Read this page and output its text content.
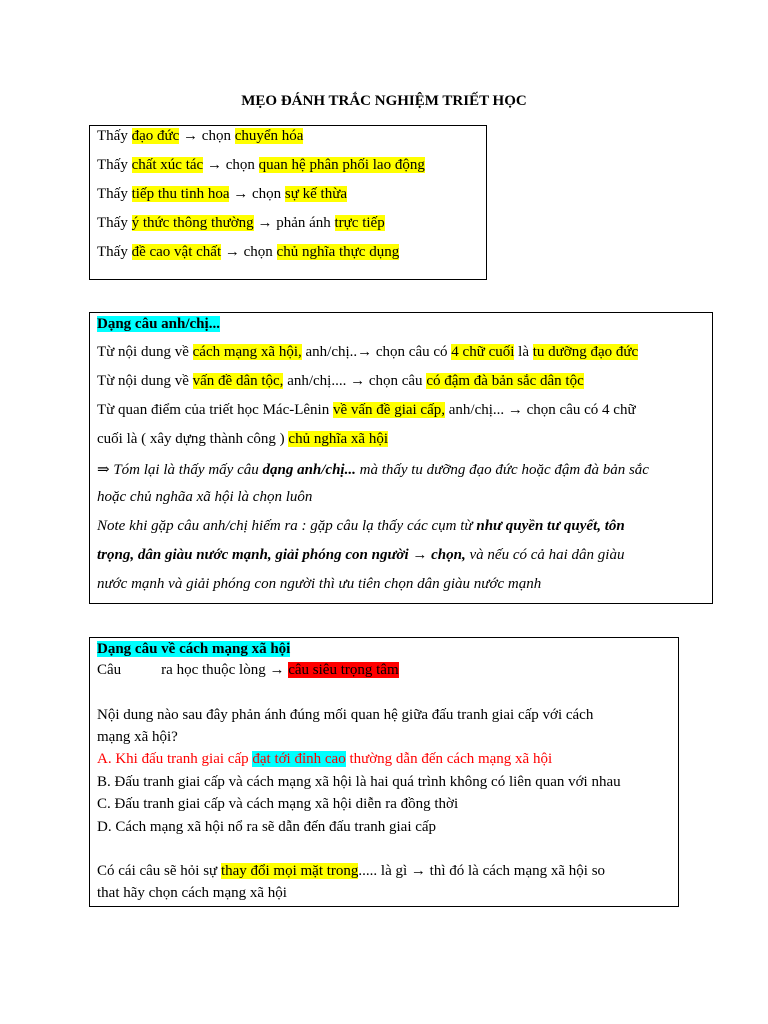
MẸO ĐÁNH TRẮC NGHIỆM TRIẾT HỌC
Thấy đạo đức → chọn chuyển hóa
Thấy chất xúc tác → chọn quan hệ phân phối lao động
Thấy tiếp thu tinh hoa → chọn sự kế thừa
Thấy ý thức thông thường → phản ánh trực tiếp
Thấy đề cao vật chất → chọn chủ nghĩa thực dụng
Dạng câu anh/chị...
Từ nội dung về cách mạng xã hội, anh/chị..→ chọn câu có 4 chữ cuối là tu dưỡng đạo đức
Từ nội dung về vấn đề dân tộc, anh/chị.... → chọn câu có đậm đà bản sắc dân tộc
Từ quan điểm của triết học Mác-Lênin về vấn đề giai cấp, anh/chị... → chọn câu có 4 chữ
cuối là ( xây dựng thành công ) chủ nghĩa xã hội
⇒ Tóm lại là thấy mấy câu dạng anh/chị... mà thấy tu dưỡng đạo đức hoặc đậm đà bản sắc
hoặc chủ nghãa xã hội là chọn luôn
Note khi gặp câu anh/chị hiếm ra : gặp câu lạ thấy các cụm từ như quyền tư quyết, tôn
trọng, dân giàu nước mạnh, giải phóng con người → chọn, và nếu có cả hai dân giàu
nước mạnh và giải phóng con người thì ưu tiên chọn dân giàu nước mạnh
Dạng câu về cách mạng xã hội
Câu	ra học thuộc lòng → câu siêu trọng tâm
Nội dung nào sau đây phản ánh đúng mối quan hệ giữa đấu tranh giai cấp với cách
mạng xã hội?
A. Khi đấu tranh giai cấp đạt tới đỉnh cao thường dẫn đến cách mạng xã hội
B. Đấu tranh giai cấp và cách mạng xã hội là hai quá trình không có liên quan với nhau
C. Đấu tranh giai cấp và cách mạng xã hội diễn ra đồng thời
D. Cách mạng xã hội nổ ra sẽ dẫn đến đấu tranh giai cấp
Có cái câu sẽ hỏi sự thay đổi mọi mặt trong..... là gì → thì đó là cách mạng xã hội so
that hãy chọn cách mạng xã hội
